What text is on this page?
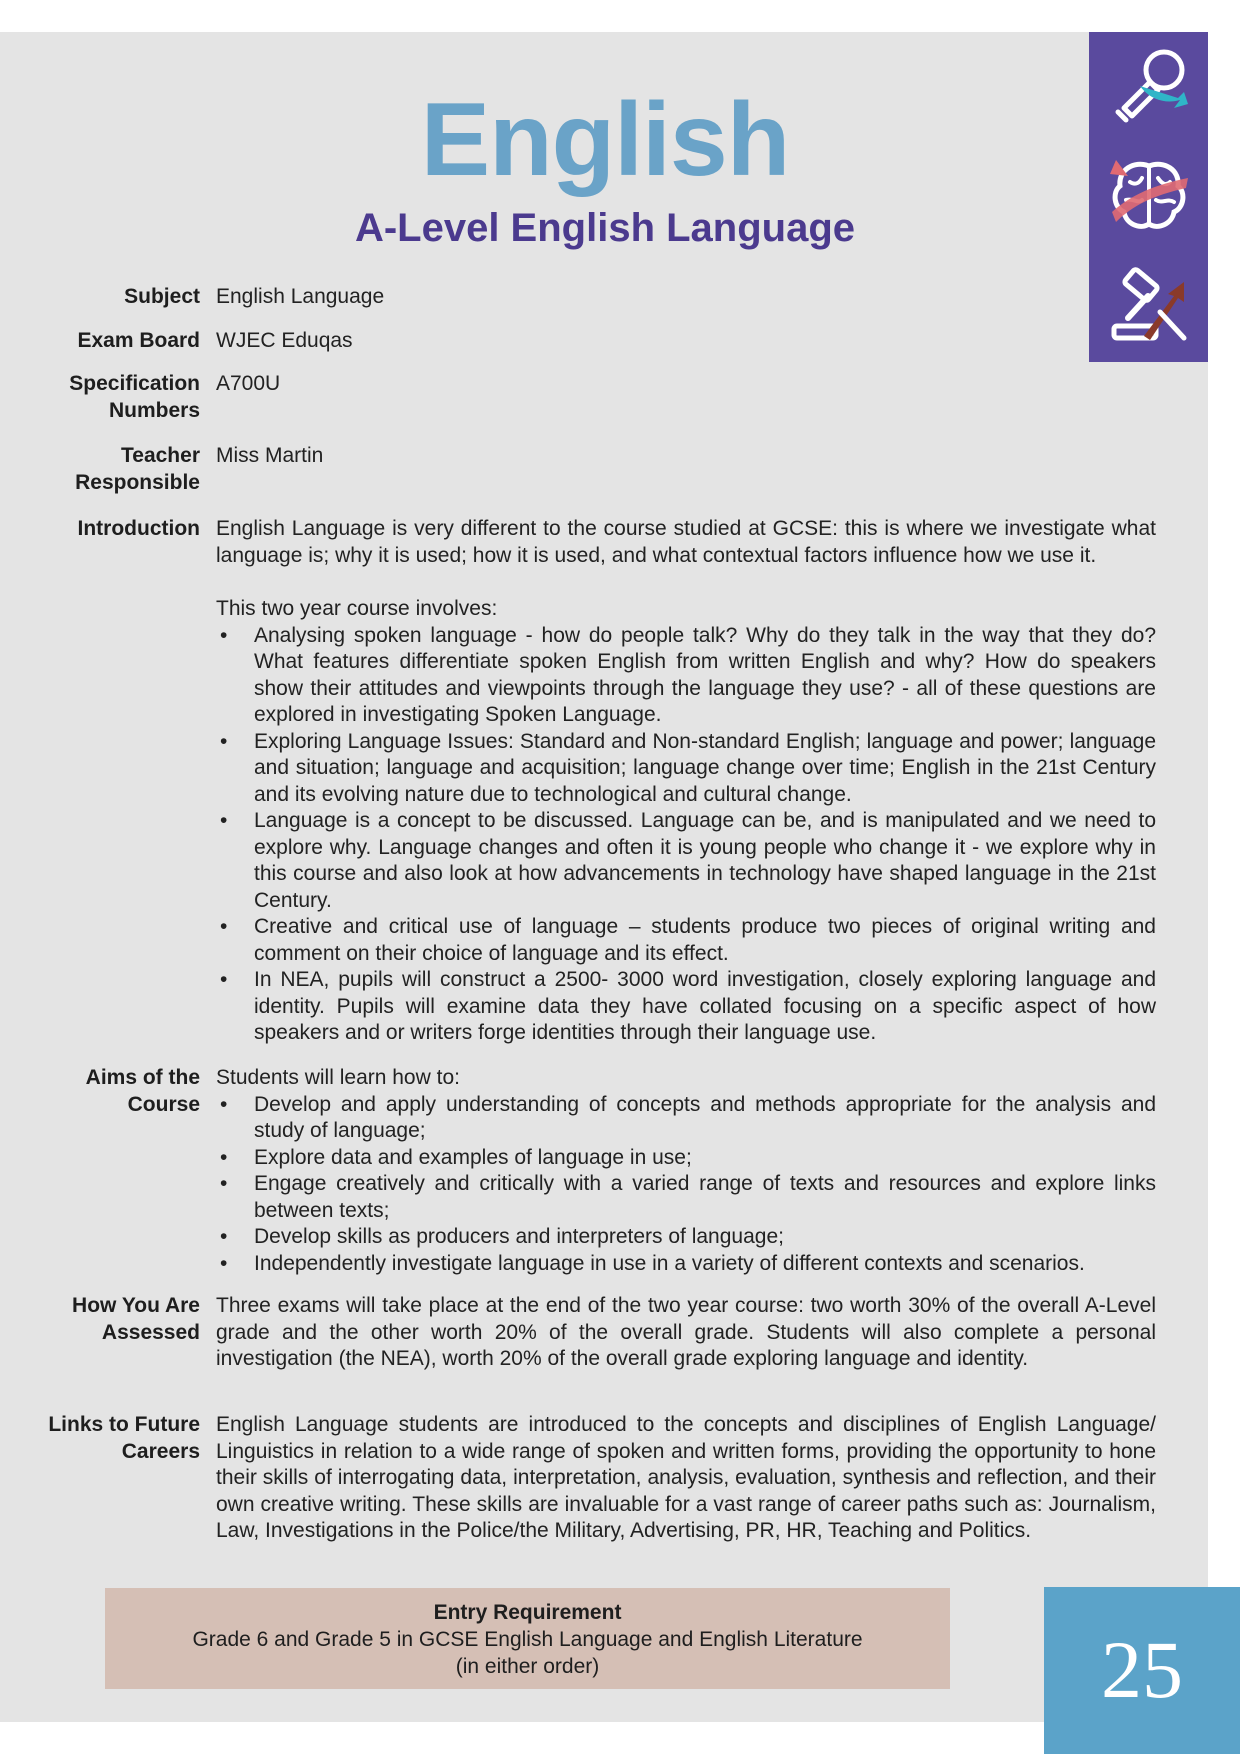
English
A-Level English Language
Subject English Language
Exam Board WJEC Eduqas
Specification
Numbers
A700U
Teacher
Responsible
Miss Martin
Introduction English Language is very different to the course studied at GCSE: this is where we investigate what language is; why it is used; how it is used, and what contextual factors influence how we use it.

This two year course involves:

• Analysing spoken language - how do people talk? Why do they talk in the way that they do? What features differentiate spoken English from written English and why? How do speakers show their attitudes and viewpoints through the language they use? - all of these questions are explored in investigating Spoken Language.
• Exploring Language Issues: Standard and Non-standard English; language and power; language and situation; language and acquisition; language change over time; English in the 21st Century and its evolving nature due to technological and cultural change.
• Language is a concept to be discussed. Language can be, and is manipulated and we need to explore why. Language changes and often it is young people who change it - we explore why in this course and also look at how advancements in technology have shaped language in the 21st Century.
• Creative and critical use of language – students produce two pieces of original writing and comment on their choice of language and its effect.
• In NEA, pupils will construct a 2500- 3000 word investigation, closely exploring language and identity. Pupils will examine data they have collated focusing on a specific aspect of how speakers and or writers forge identities through their language use.
Aims of the
Course

Students will learn how to:

• Develop and apply understanding of concepts and methods appropriate for the analysis and study of language;
• Explore data and examples of language in use;
• Engage creatively and critically with a varied range of texts and resources and explore links between texts;
• Develop skills as producers and interpreters of language;
• Independently investigate language in use in a variety of different contexts and scenarios.
How You Are
Assessed
Three exams will take place at the end of the two year course: two worth 30% of the overall A-Level grade and the other worth 20% of the overall grade. Students will also complete a personal investigation (the NEA), worth 20% of the overall grade exploring language and identity.
Links to Future
Careers
English Language students are introduced to the concepts and disciplines of English Language/ Linguistics in relation to a wide range of spoken and written forms, providing the opportunity to hone their skills of interrogating data, interpretation, analysis, evaluation, synthesis and reflection, and their own creative writing. These skills are invaluable for a vast range of career paths such as: Journalism, Law, Investigations in the Police/the Military, Advertising, PR, HR, Teaching and Politics.
Entry Requirement
Grade 6 and Grade 5 in GCSE English Language and English Literature
(in either order)	25
